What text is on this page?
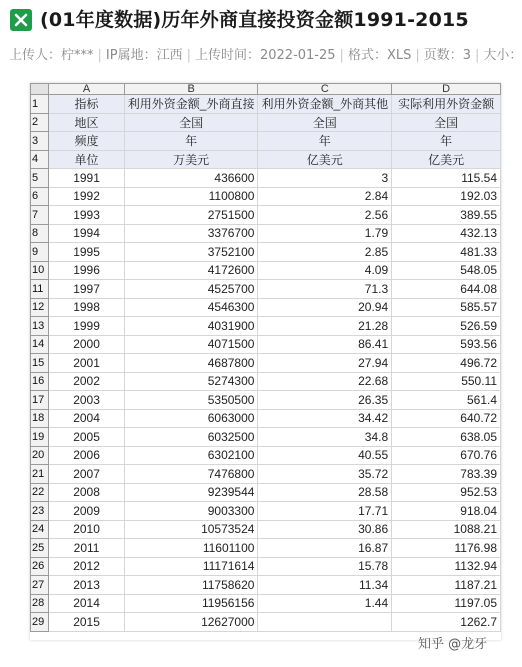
(01年度数据)历年外商直接投资金额1991-2015
上传人：柠*** | IP属地：江西 | 上传时间：2022-01-25 | 格式：XLS | 页数：3 | 大小：
	A	B	C	D
1	指标	利用外资金额_外商直接	利用外资金额_外商其他	实际利用外资金额
2	地区	全国	全国	全国
3	频度	年	年	年
4	单位	万美元	亿美元	亿美元
5	1991	436600	3	115.54
6	1992	1100800	2.84	192.03
7	1993	2751500	2.56	389.55
8	1994	3376700	1.79	432.13
9	1995	3752100	2.85	481.33
10	1996	4172600	4.09	548.05
11	1997	4525700	71.3	644.08
12	1998	4546300	20.94	585.57
13	1999	4031900	21.28	526.59
14	2000	4071500	86.41	593.56
15	2001	4687800	27.94	496.72
16	2002	5274300	22.68	550.11
17	2003	5350500	26.35	561.4
18	2004	6063000	34.42	640.72
19	2005	6032500	34.8	638.05
20	2006	6302100	40.55	670.76
21	2007	7476800	35.72	783.39
22	2008	9239544	28.58	952.53
23	2009	9003300	17.71	918.04
24	2010	10573524	30.86	1088.21
25	2011	11601100	16.87	1176.98
26	2012	11171614	15.78	1132.94
27	2013	11758620	11.34	1187.21
28	2014	11956156	1.44	1197.05
29	2015	12627000		1262.7
知乎 @龙牙
